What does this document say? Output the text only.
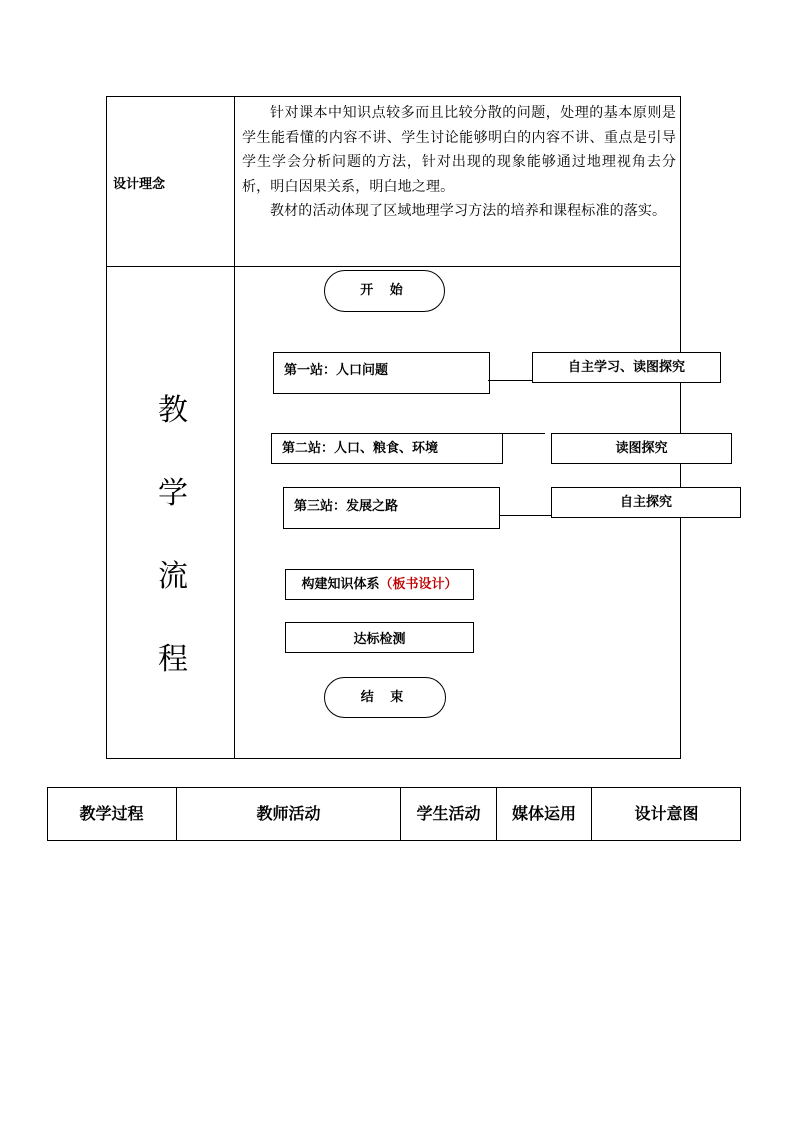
设计理念

针对课本中知识点较多而且比较分散的问题，处理的基本原则是学生能看懂的内容不讲、学生讨论能够明白的内容不讲、重点是引导学生学会分析问题的方法，针对出现的现象能够通过地理视角去分析，明白因果关系，明白地之理。

教材的活动体现了区域地理学习方法的培养和课程标准的落实。

教
学
流
程
开 始
第一站：人口问题	自主学习、读图探究
第二站：人口、粮食、环境	读图探究
第三站：发展之路	自主探究
构建知识体系（板书设计）
达标检测
结 束
教学过程	教师活动	学生活动	媒体运用	设计意图
